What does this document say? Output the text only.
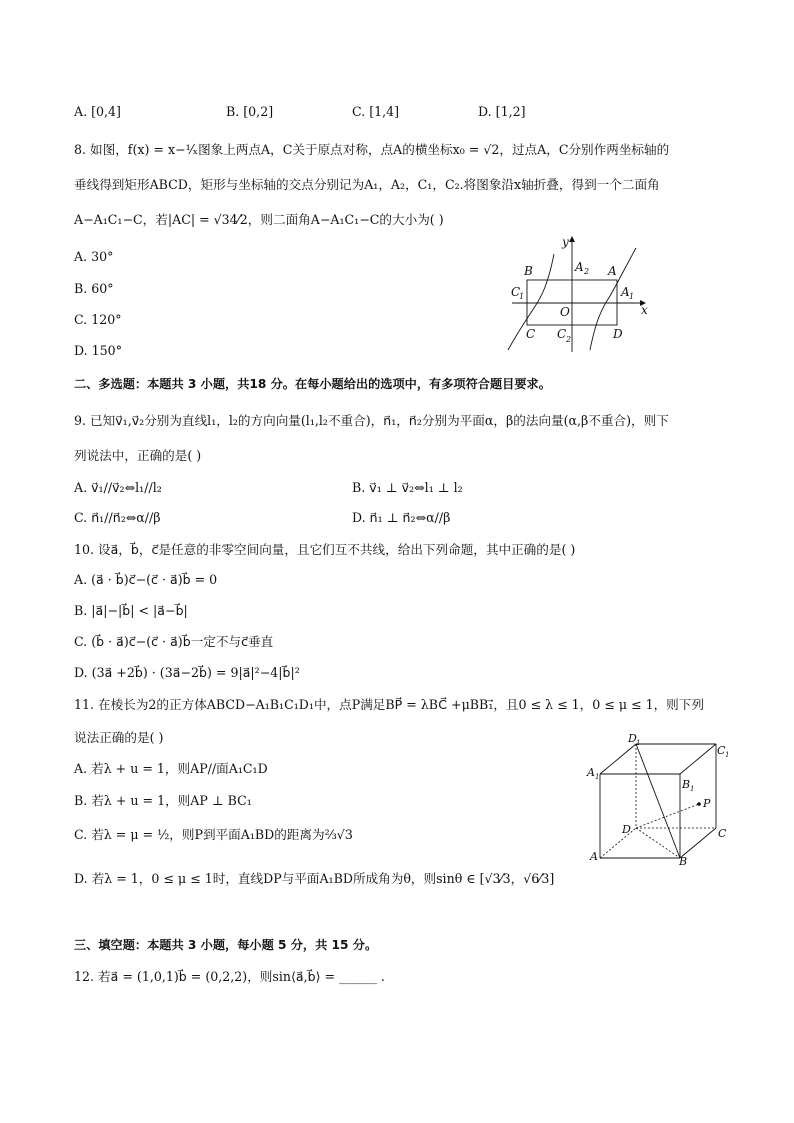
A. [0,4]	B. [0,2]	C. [1,4]	D. [1,2]
8. 如图，f(x) = x−¹⁄ₓ图象上两点A，C关于原点对称，点A的横坐标x₀ = √2，过点A，C分别作两坐标轴的
垂线得到矩形ABCD，矩形与坐标轴的交点分别记为A₁，A₂，C₁，C₂.将图象沿x轴折叠，得到一个二面角
A−A₁C₁−C，若|AC| = √34⁄2，则二面角A−A₁C₁−C的大小为( )
A. 30°
B. 60°
C. 120°
D. 150°
y
x
B	A 2 A
C
1	A 1
O
C C 2	D
二、多选题：本题共 3 小题，共18 分。在每小题给出的选项中，有多项符合题目要求。
9. 已知v⃗₁,v⃗₂分别为直线l₁，l₂的方向向量(l₁,l₂不重合)，n⃗₁，n⃗₂分别为平面α，β的法向量(α,β不重合)，则下
列说法中，正确的是( )
A. v⃗₁//v⃗₂⇔l₁//l₂	B. v⃗₁ ⊥ v⃗₂⇔l₁ ⊥ l₂
C. n⃗₁//n⃗₂⇔α//β	D. n⃗₁ ⊥ n⃗₂⇔α//β
10. 设a⃗，b⃗，c⃗是任意的非零空间向量，且它们互不共线，给出下列命题，其中正确的是( )
A. (a⃗ · b⃗)c⃗−(c⃗ · a⃗)b⃗ = 0
B. |a⃗|−|b⃗| < |a⃗−b⃗|
C. (b⃗ · a⃗)c⃗−(c⃗ · a⃗)b⃗一定不与c⃗垂直
D. (3a⃗ +2b⃗) · (3a⃗−2b⃗) = 9|a⃗|²−4|b⃗|²
11. 在棱长为2的正方体ABCD−A₁B₁C₁D₁中，点P满足BP⃗ = λBC⃗ +μBB₁⃗，且0 ≤ λ ≤ 1，0 ≤ μ ≤ 1，则下列
说法正确的是( )
A. 若λ + u = 1，则AP//面A₁C₁D
B. 若λ + u = 1，则AP ⊥ BC₁
C. 若λ = μ = ½，则P到平面A₁BD的距离为⅔√3
D. 若λ = 1，0 ≤ μ ≤ 1时，直线DP与平面A₁BD所成角为θ，则sinθ ∈ [√3⁄3，√6⁄3]
D 1
C 1
A 1
B 1
P
D	C
A	B
三、填空题：本题共 3 小题，每小题 5 分，共 15 分。
12. 若a⃗ = (1,0,1)b⃗ = (0,2,2)，则sin⟨a⃗,b⃗⟩ = ______ .
